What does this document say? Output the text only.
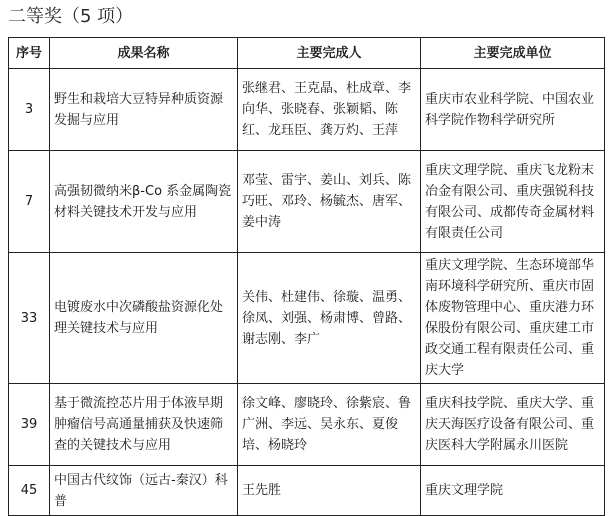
二等奖（5 项）
序号	成果名称	主要完成人	主要完成单位
3	野生和栽培大豆特异种质资源发掘与应用	张继君、王克晶、杜成章、李向华、张晓春、张颖韬、陈红、龙珏臣、龚万灼、王萍	重庆市农业科学院、中国农业科学院作物科学研究所
7	高强韧微纳米β-Co 系金属陶瓷材料关键技术开发与应用	邓莹、雷宇、姜山、刘兵、陈巧旺、邓玲、杨毓杰、唐军、姜中涛	重庆文理学院、重庆飞龙粉末冶金有限公司、重庆强锐科技有限公司、成都传奇金属材料有限责任公司
33	电镀废水中次磷酸盐资源化处理关键技术与应用	关伟、杜建伟、徐璇、温勇、徐凤、刘强、杨肃博、曾路、谢志刚、李广	重庆文理学院、生态环境部华南环境科学研究所、重庆市固体废物管理中心、重庆港力环保股份有限公司、重庆建工市政交通工程有限责任公司、重庆大学
39	基于微流控芯片用于体液早期肿瘤信号高通量捕获及快速筛查的关键技术与应用	徐文峰、廖晓玲、徐紫宸、鲁广洲、李远、吴永东、夏俊培、杨晓玲	重庆科技学院、重庆大学、重庆天海医疗设备有限公司、重庆医科大学附属永川医院
45	中国古代纹饰（远古-秦汉）科普	王先胜	重庆文理学院
